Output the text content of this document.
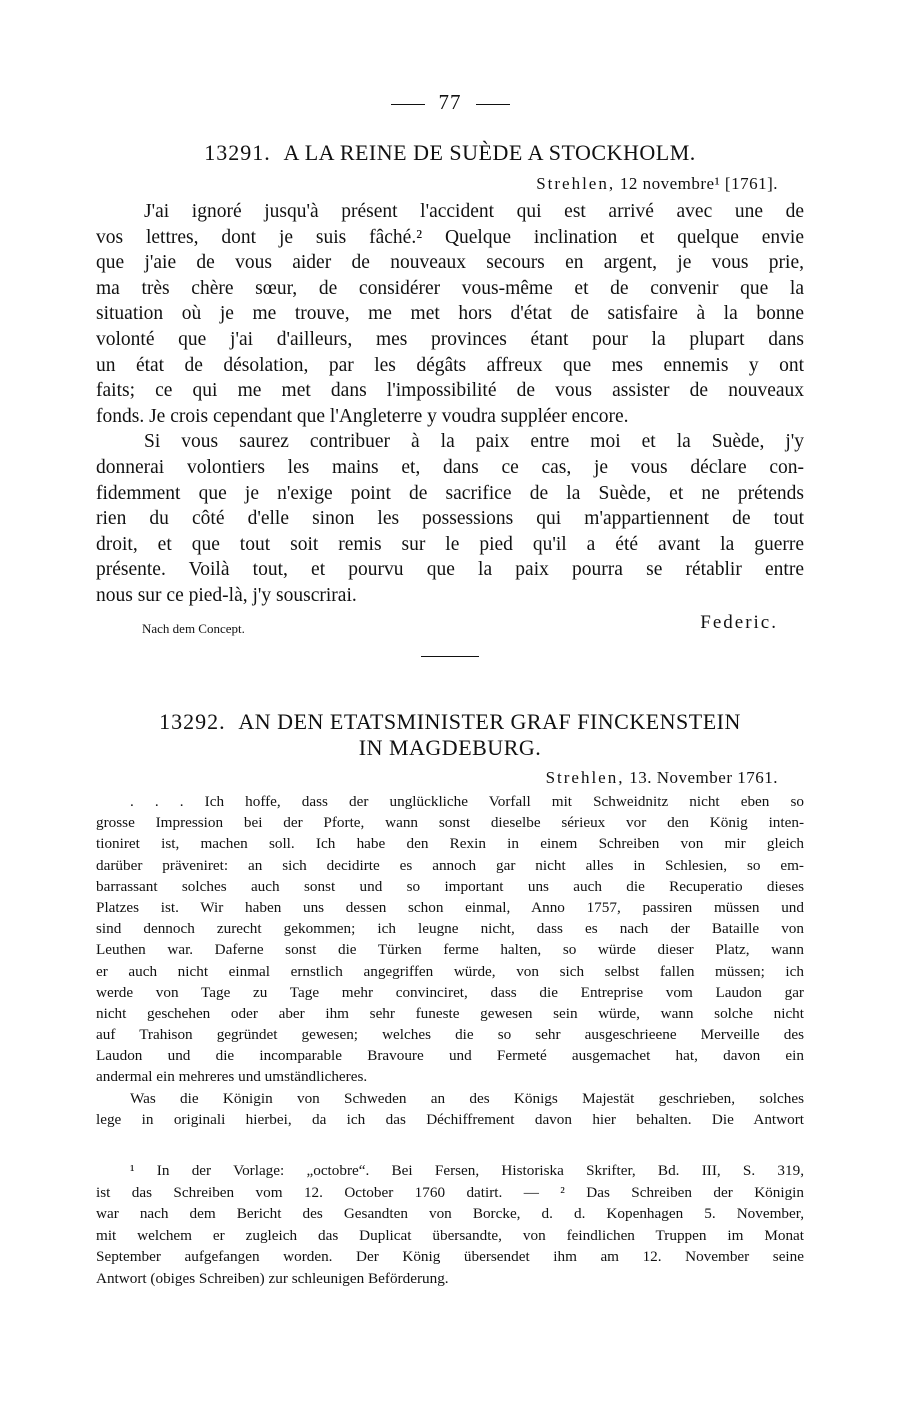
77
13291. A LA REINE DE SUÈDE A STOCKHOLM.
Strehlen, 12 novembre¹ [1761].
J'ai ignoré jusqu'à présent l'accident qui est arrivé avec une de
vos lettres, dont je suis fâché.² Quelque inclination et quelque envie
que j'aie de vous aider de nouveaux secours en argent, je vous prie,
ma très chère sœur, de considérer vous-même et de convenir que la
situation où je me trouve, me met hors d'état de satisfaire à la bonne
volonté que j'ai d'ailleurs, mes provinces étant pour la plupart dans
un état de désolation, par les dégâts affreux que mes ennemis y ont
faits; ce qui me met dans l'impossibilité de vous assister de nouveaux
fonds. Je crois cependant que l'Angleterre y voudra suppléer encore.
Si vous saurez contribuer à la paix entre moi et la Suède, j'y
donnerai volontiers les mains et, dans ce cas, je vous déclare con-
fidemment que je n'exige point de sacrifice de la Suède, et ne prétends
rien du côté d'elle sinon les possessions qui m'appartiennent de tout
droit, et que tout soit remis sur le pied qu'il a été avant la guerre
présente. Voilà tout, et pourvu que la paix pourra se rétablir entre
nous sur ce pied-là, j'y souscrirai.
Nach dem Concept.	Federic.
13292. AN DEN ETATSMINISTER GRAF FINCKENSTEIN
IN MAGDEBURG.
Strehlen, 13. November 1761.
. . . Ich hoffe, dass der unglückliche Vorfall mit Schweidnitz nicht eben so
grosse Impression bei der Pforte, wann sonst dieselbe sérieux vor den König inten-
tioniret ist, machen soll. Ich habe den Rexin in einem Schreiben von mir gleich
darüber präveniret: an sich decidirte es annoch gar nicht alles in Schlesien, so em-
barrassant solches auch sonst und so important uns auch die Recuperatio dieses
Platzes ist. Wir haben uns dessen schon einmal, Anno 1757, passiren müssen und
sind dennoch zurecht gekommen; ich leugne nicht, dass es nach der Bataille von
Leuthen war. Daferne sonst die Türken ferme halten, so würde dieser Platz, wann
er auch nicht einmal ernstlich angegriffen würde, von sich selbst fallen müssen; ich
werde von Tage zu Tage mehr convinciret, dass die Entreprise vom Laudon gar
nicht geschehen oder aber ihm sehr funeste gewesen sein würde, wann solche nicht
auf Trahison gegründet gewesen; welches die so sehr ausgeschrieene Merveille des
Laudon und die incomparable Bravoure und Fermeté ausgemachet hat, davon ein
andermal ein mehreres und umständlicheres.
Was die Königin von Schweden an des Königs Majestät geschrieben, solches
lege in originali hierbei, da ich das Déchiffrement davon hier behalten. Die Antwort
¹ In der Vorlage: „octobre“. Bei Fersen, Historiska Skrifter, Bd. III, S. 319,
ist das Schreiben vom 12. October 1760 datirt. — ² Das Schreiben der Königin
war nach dem Bericht des Gesandten von Borcke, d. d. Kopenhagen 5. November,
mit welchem er zugleich das Duplicat übersandte, von feindlichen Truppen im Monat
September aufgefangen worden. Der König übersendet ihm am 12. November seine
Antwort (obiges Schreiben) zur schleunigen Beförderung.
